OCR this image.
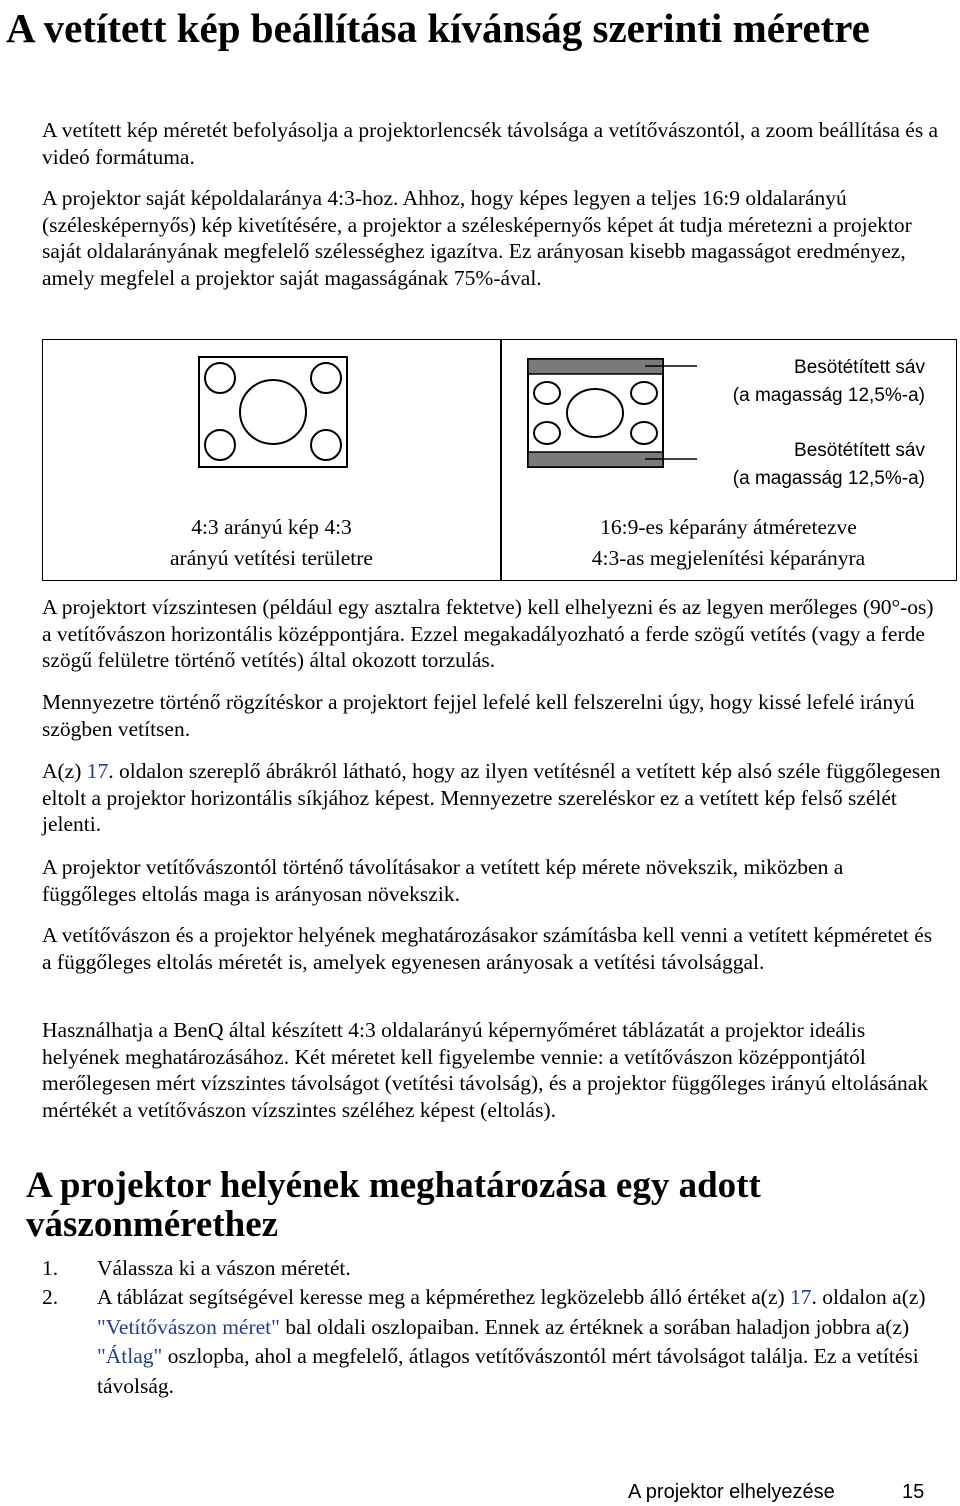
A vetített kép beállítása kívánság szerinti méretre

A vetített kép méretét befolyásolja a projektorlencsék távolsága a vetítővászontól, a zoom beállítása és a videó formátuma.

A projektor saját képoldalaránya 4:3-hoz. Ahhoz, hogy képes legyen a teljes 16:9 oldalarányú (szélesképernyős) kép kivetítésére, a projektor a szélesképernyős képet át tudja méretezni a projektor saját oldalarányának megfelelő szélességhez igazítva. Ez arányosan kisebb magasságot eredményez, amely megfelel a projektor saját magasságának 75%-ával.

Besötétített sáv
(a magasság 12,5%-a)
Besötétített sáv
(a magasság 12,5%-a)
4:3 arányú kép 4:3
arányú vetítési területre
16:9-es képarány átméretezve
4:3-as megjelenítési képarányra

A projektort vízszintesen (például egy asztalra fektetve) kell elhelyezni és az legyen merőleges (90°-os) a vetítővászon horizontális középpontjára. Ezzel megakadályozható a ferde szögű vetítés (vagy a ferde szögű felületre történő vetítés) által okozott torzulás.

Mennyezetre történő rögzítéskor a projektort fejjel lefelé kell felszerelni úgy, hogy kissé lefelé irányú szögben vetítsen.

A(z) 17. oldalon szereplő ábrákról látható, hogy az ilyen vetítésnél a vetített kép alsó széle függőlegesen eltolt a projektor horizontális síkjához képest. Mennyezetre szereléskor ez a vetített kép felső szélét jelenti.

A projektor vetítővászontól történő távolításakor a vetített kép mérete növekszik, miközben a függőleges eltolás maga is arányosan növekszik.

A vetítővászon és a projektor helyének meghatározásakor számításba kell venni a vetített képméretet és a függőleges eltolás méretét is, amelyek egyenesen arányosak a vetítési távolsággal.

Használhatja a BenQ által készített 4:3 oldalarányú képernyőméret táblázatát a projektor ideális helyének meghatározásához. Két méretet kell figyelembe vennie: a vetítővászon középpontjától merőlegesen mért vízszintes távolságot (vetítési távolság), és a projektor függőleges irányú eltolásának mértékét a vetítővászon vízszintes széléhez képest (eltolás).

A projektor helyének meghatározása egy adott vászonmérethez
1. Válassza ki a vászon méretét.
2. A táblázat segítségével keresse meg a képmérethez legközelebb álló értéket a(z) 17. oldalon a(z) "Vetítővászon méret" bal oldali oszlopaiban. Ennek az értéknek a sorában haladjon jobbra a(z) "Átlag" oszlopba, ahol a megfelelő, átlagos vetítővászontól mért távolságot találja. Ez a vetítési távolság.
A projektor elhelyezése	15
